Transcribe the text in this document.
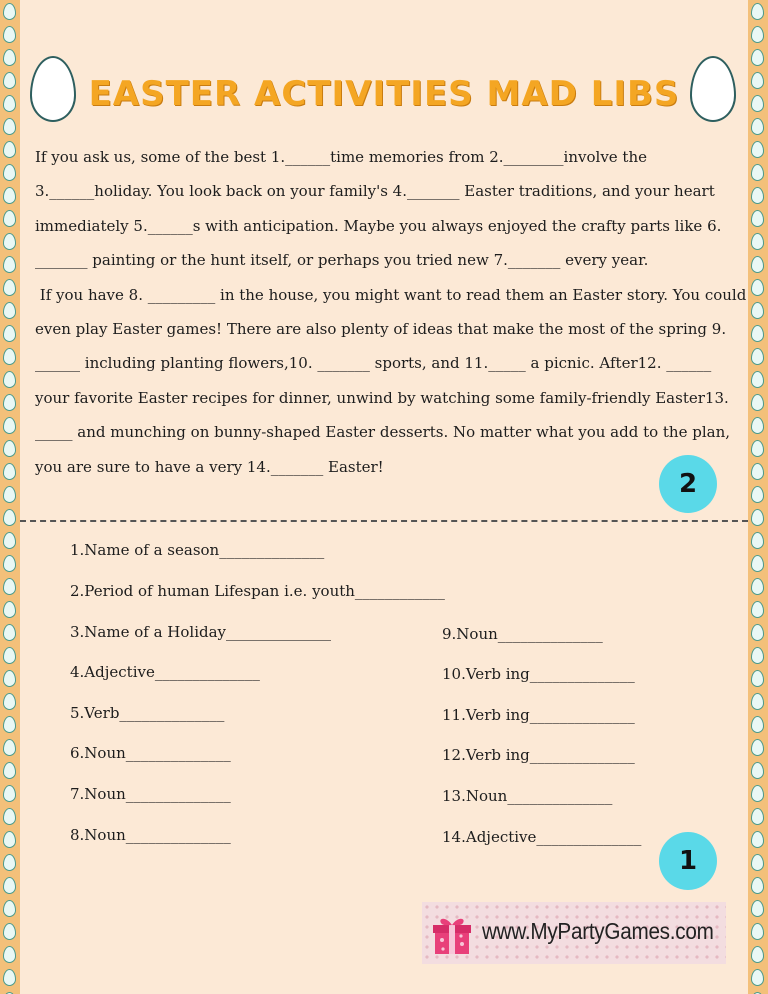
EASTER ACTIVITIES MAD LIBS
If you ask us, some of the best 1.______time memories from 2.________involve the
3.______holiday. You look back on your family's 4._______ Easter traditions, and your heart
immediately 5.______s with anticipation. Maybe you always enjoyed the crafty parts like 6.
_______ painting or the hunt itself, or perhaps you tried new 7._______ every year.
If you have 8. _________ in the house, you might want to read them an Easter story. You could
even play Easter games! There are also plenty of ideas that make the most of the spring 9.
______ including planting flowers,10. _______ sports, and 11._____ a picnic. After12. ______
your favorite Easter recipes for dinner, unwind by watching some family-friendly Easter13.
_____ and munching on bunny-shaped Easter desserts. No matter what you add to the plan,
you are sure to have a very 14._______ Easter!
2
1.Name of a season______________
2.Period of human Lifespan i.e. youth____________
3.Name of a Holiday______________
4.Adjective______________
5.Verb______________
6.Noun______________
7.Noun______________
8.Noun______________
9.Noun______________
10.Verb ing______________
11.Verb ing______________
12.Verb ing______________
13.Noun______________
14.Adjective______________
1
www.MyPartyGames.com
